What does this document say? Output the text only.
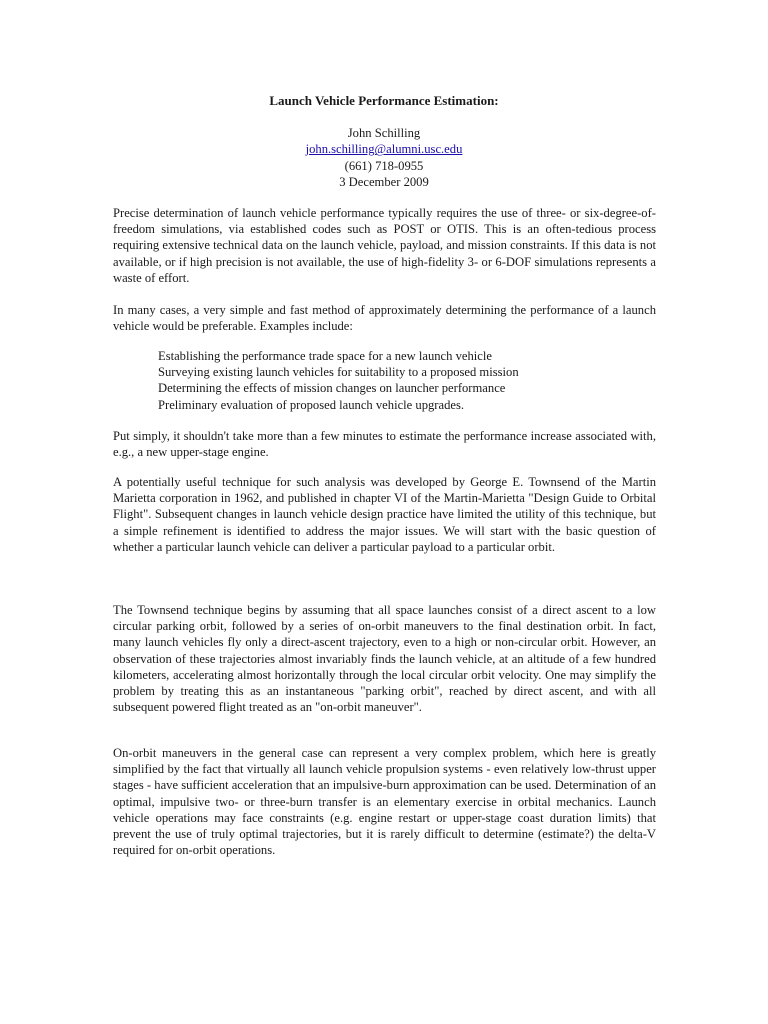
Launch Vehicle Performance Estimation:
John Schilling
john.schilling@alumni.usc.edu
(661) 718-0955
3 December 2009

Precise determination of launch vehicle performance typically requires the use of three- or six-degree-of-freedom simulations, via established codes such as POST or OTIS. This is an often-tedious process requiring extensive technical data on the launch vehicle, payload, and mission constraints. If this data is not available, or if high precision is not available, the use of high-fidelity 3- or 6-DOF simulations represents a waste of effort.

In many cases, a very simple and fast method of approximately determining the performance of a launch vehicle would be preferable. Examples include:

Establishing the performance trade space for a new launch vehicle
Surveying existing launch vehicles for suitability to a proposed mission
Determining the effects of mission changes on launcher performance
Preliminary evaluation of proposed launch vehicle upgrades.

Put simply, it shouldn't take more than a few minutes to estimate the performance increase associated with, e.g., a new upper-stage engine.

A potentially useful technique for such analysis was developed by George E. Townsend of the Martin Marietta corporation in 1962, and published in chapter VI of the Martin-Marietta "Design Guide to Orbital Flight". Subsequent changes in launch vehicle design practice have limited the utility of this technique, but a simple refinement is identified to address the major issues. We will start with the basic question of whether a particular launch vehicle can deliver a particular payload to a particular orbit.

The Townsend technique begins by assuming that all space launches consist of a direct ascent to a low circular parking orbit, followed by a series of on-orbit maneuvers to the final destination orbit. In fact, many launch vehicles fly only a direct-ascent trajectory, even to a high or non-circular orbit. However, an observation of these trajectories almost invariably finds the launch vehicle, at an altitude of a few hundred kilometers, accelerating almost horizontally through the local circular orbit velocity. One may simplify the problem by treating this as an instantaneous "parking orbit", reached by direct ascent, and with all subsequent powered flight treated as an "on-orbit maneuver".

On-orbit maneuvers in the general case can represent a very complex problem, which here is greatly simplified by the fact that virtually all launch vehicle propulsion systems - even relatively low-thrust upper stages - have sufficient acceleration that an impulsive-burn approximation can be used. Determination of an optimal, impulsive two- or three-burn transfer is an elementary exercise in orbital mechanics. Launch vehicle operations may face constraints (e.g. engine restart or upper-stage coast duration limits) that prevent the use of truly optimal trajectories, but it is rarely difficult to determine (estimate?) the delta-V required for on-orbit operations.
